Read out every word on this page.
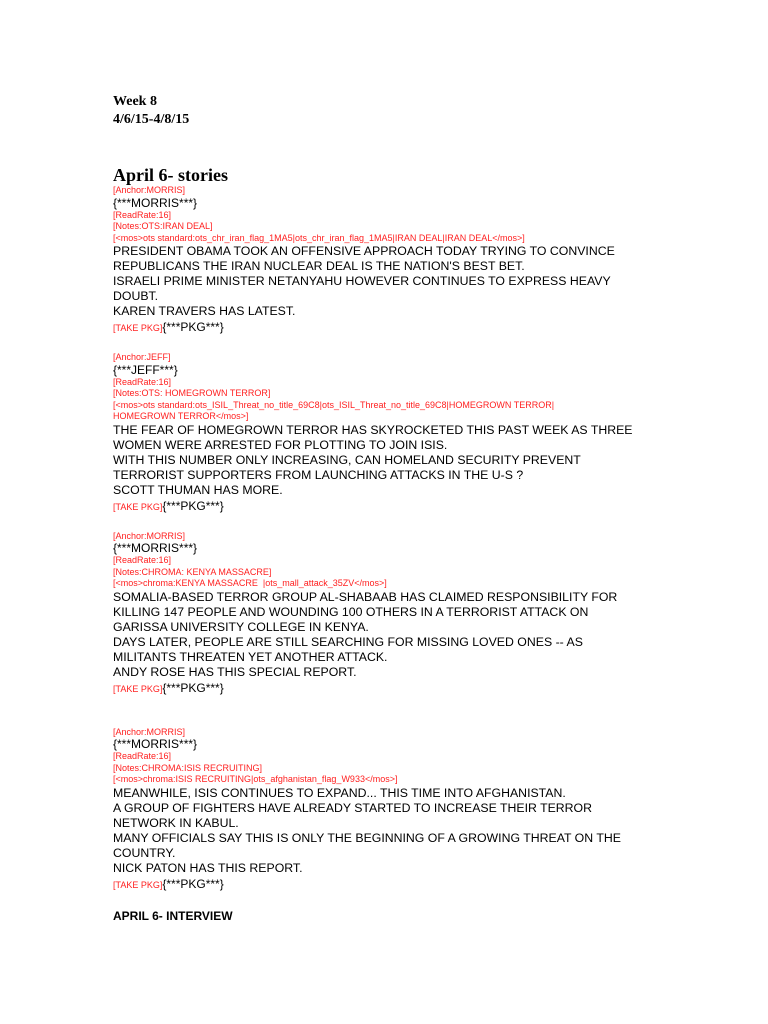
Week 8
4/6/15-4/8/15
April 6- stories
[Anchor:MORRIS]
{***MORRIS***}
[ReadRate:16]
[Notes:OTS:IRAN DEAL]
[<mos>ots standard:ots_chr_iran_flag_1MA5|ots_chr_iran_flag_1MA5|IRAN DEAL|IRAN DEAL</mos>]
PRESIDENT OBAMA TOOK AN OFFENSIVE APPROACH TODAY TRYING TO CONVINCE
REPUBLICANS THE IRAN NUCLEAR DEAL IS THE NATION'S BEST BET.
ISRAELI PRIME MINISTER NETANYAHU HOWEVER CONTINUES TO EXPRESS HEAVY
DOUBT.
KAREN TRAVERS HAS LATEST.
[TAKE PKG]{***PKG***}
[Anchor:JEFF]
{***JEFF***}
[ReadRate:16]
[Notes:OTS: HOMEGROWN TERROR]
[<mos>ots standard:ots_ISIL_Threat_no_title_69C8|ots_ISIL_Threat_no_title_69C8|HOMEGROWN TERROR|
HOMEGROWN TERROR</mos>]
THE FEAR OF HOMEGROWN TERROR HAS SKYROCKETED THIS PAST WEEK AS THREE
WOMEN WERE ARRESTED FOR PLOTTING TO JOIN ISIS.
WITH THIS NUMBER ONLY INCREASING, CAN HOMELAND SECURITY PREVENT
TERRORIST SUPPORTERS FROM LAUNCHING ATTACKS IN THE U-S ?
SCOTT THUMAN HAS MORE.
[TAKE PKG]{***PKG***}
[Anchor:MORRIS]
{***MORRIS***}
[ReadRate:16]
[Notes:CHROMA: KENYA MASSACRE]
[<mos>chroma:KENYA MASSACRE  |ots_mall_attack_35ZV</mos>]
SOMALIA-BASED TERROR GROUP AL-SHABAAB HAS CLAIMED RESPONSIBILITY FOR
KILLING 147 PEOPLE AND WOUNDING 100 OTHERS IN A TERRORIST ATTACK ON
GARISSA UNIVERSITY COLLEGE IN KENYA.
DAYS LATER, PEOPLE ARE STILL SEARCHING FOR MISSING LOVED ONES -- AS
MILITANTS THREATEN YET ANOTHER ATTACK.
ANDY ROSE HAS THIS SPECIAL REPORT.
[TAKE PKG]{***PKG***}
[Anchor:MORRIS]
{***MORRIS***}
[ReadRate:16]
[Notes:CHROMA:ISIS RECRUITING]
[<mos>chroma:ISIS RECRUITING|ots_afghanistan_flag_W933</mos>]
MEANWHILE, ISIS CONTINUES TO EXPAND... THIS TIME INTO AFGHANISTAN.
A GROUP OF FIGHTERS HAVE ALREADY STARTED TO INCREASE THEIR TERROR
NETWORK IN KABUL.
MANY OFFICIALS SAY THIS IS ONLY THE BEGINNING OF A GROWING THREAT ON THE
COUNTRY.
NICK PATON HAS THIS REPORT.
[TAKE PKG]{***PKG***}
APRIL 6- INTERVIEW
